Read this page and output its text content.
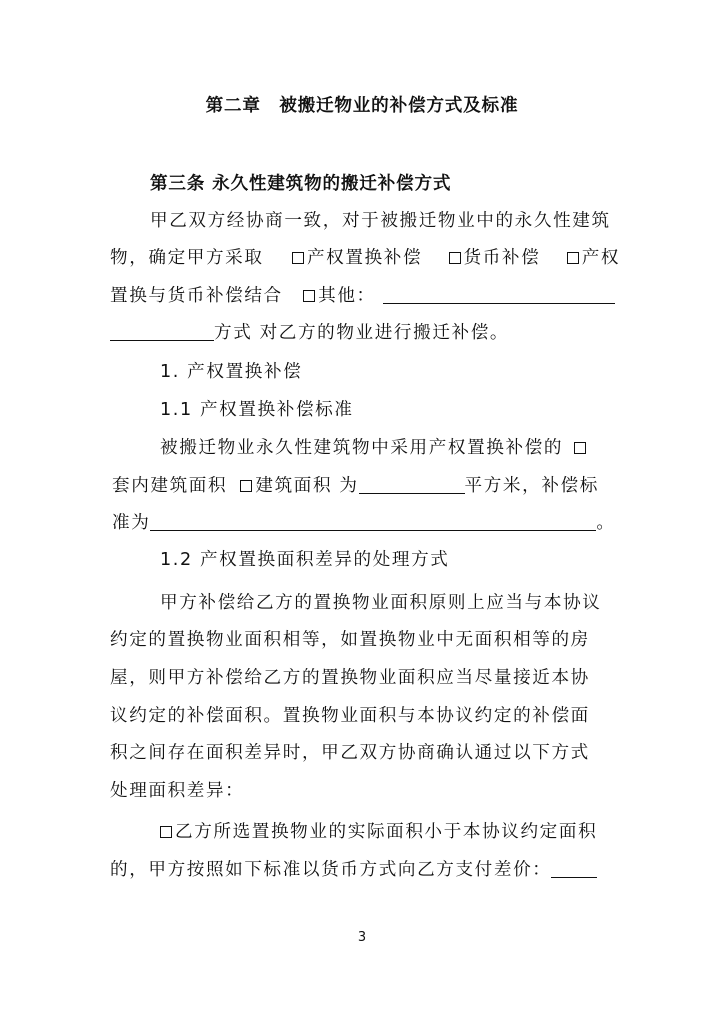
第二章　被搬迁物业的补偿方式及标准
第三条 永久性建筑物的搬迁补偿方式
甲乙双方经协商一致，对于被搬迁物业中的永久性建筑
物，确定甲方采取 产权置换补偿 货币补偿 产权
置换与货币补偿结合 其他：
方式 对乙方的物业进行搬迁补偿。
1. 产权置换补偿
1.1 产权置换补偿标准
被搬迁物业永久性建筑物中采用产权置换补偿的
套内建筑面积 建筑面积 为	平方米，补偿标
准为	。
1.2 产权置换面积差异的处理方式
甲方补偿给乙方的置换物业面积原则上应当与本协议
约定的置换物业面积相等，如置换物业中无面积相等的房
屋，则甲方补偿给乙方的置换物业面积应当尽量接近本协
议约定的补偿面积。置换物业面积与本协议约定的补偿面
积之间存在面积差异时，甲乙双方协商确认通过以下方式
处理面积差异：
乙方所选置换物业的实际面积小于本协议约定面积
的，甲方按照如下标准以货币方式向乙方支付差价：
3
